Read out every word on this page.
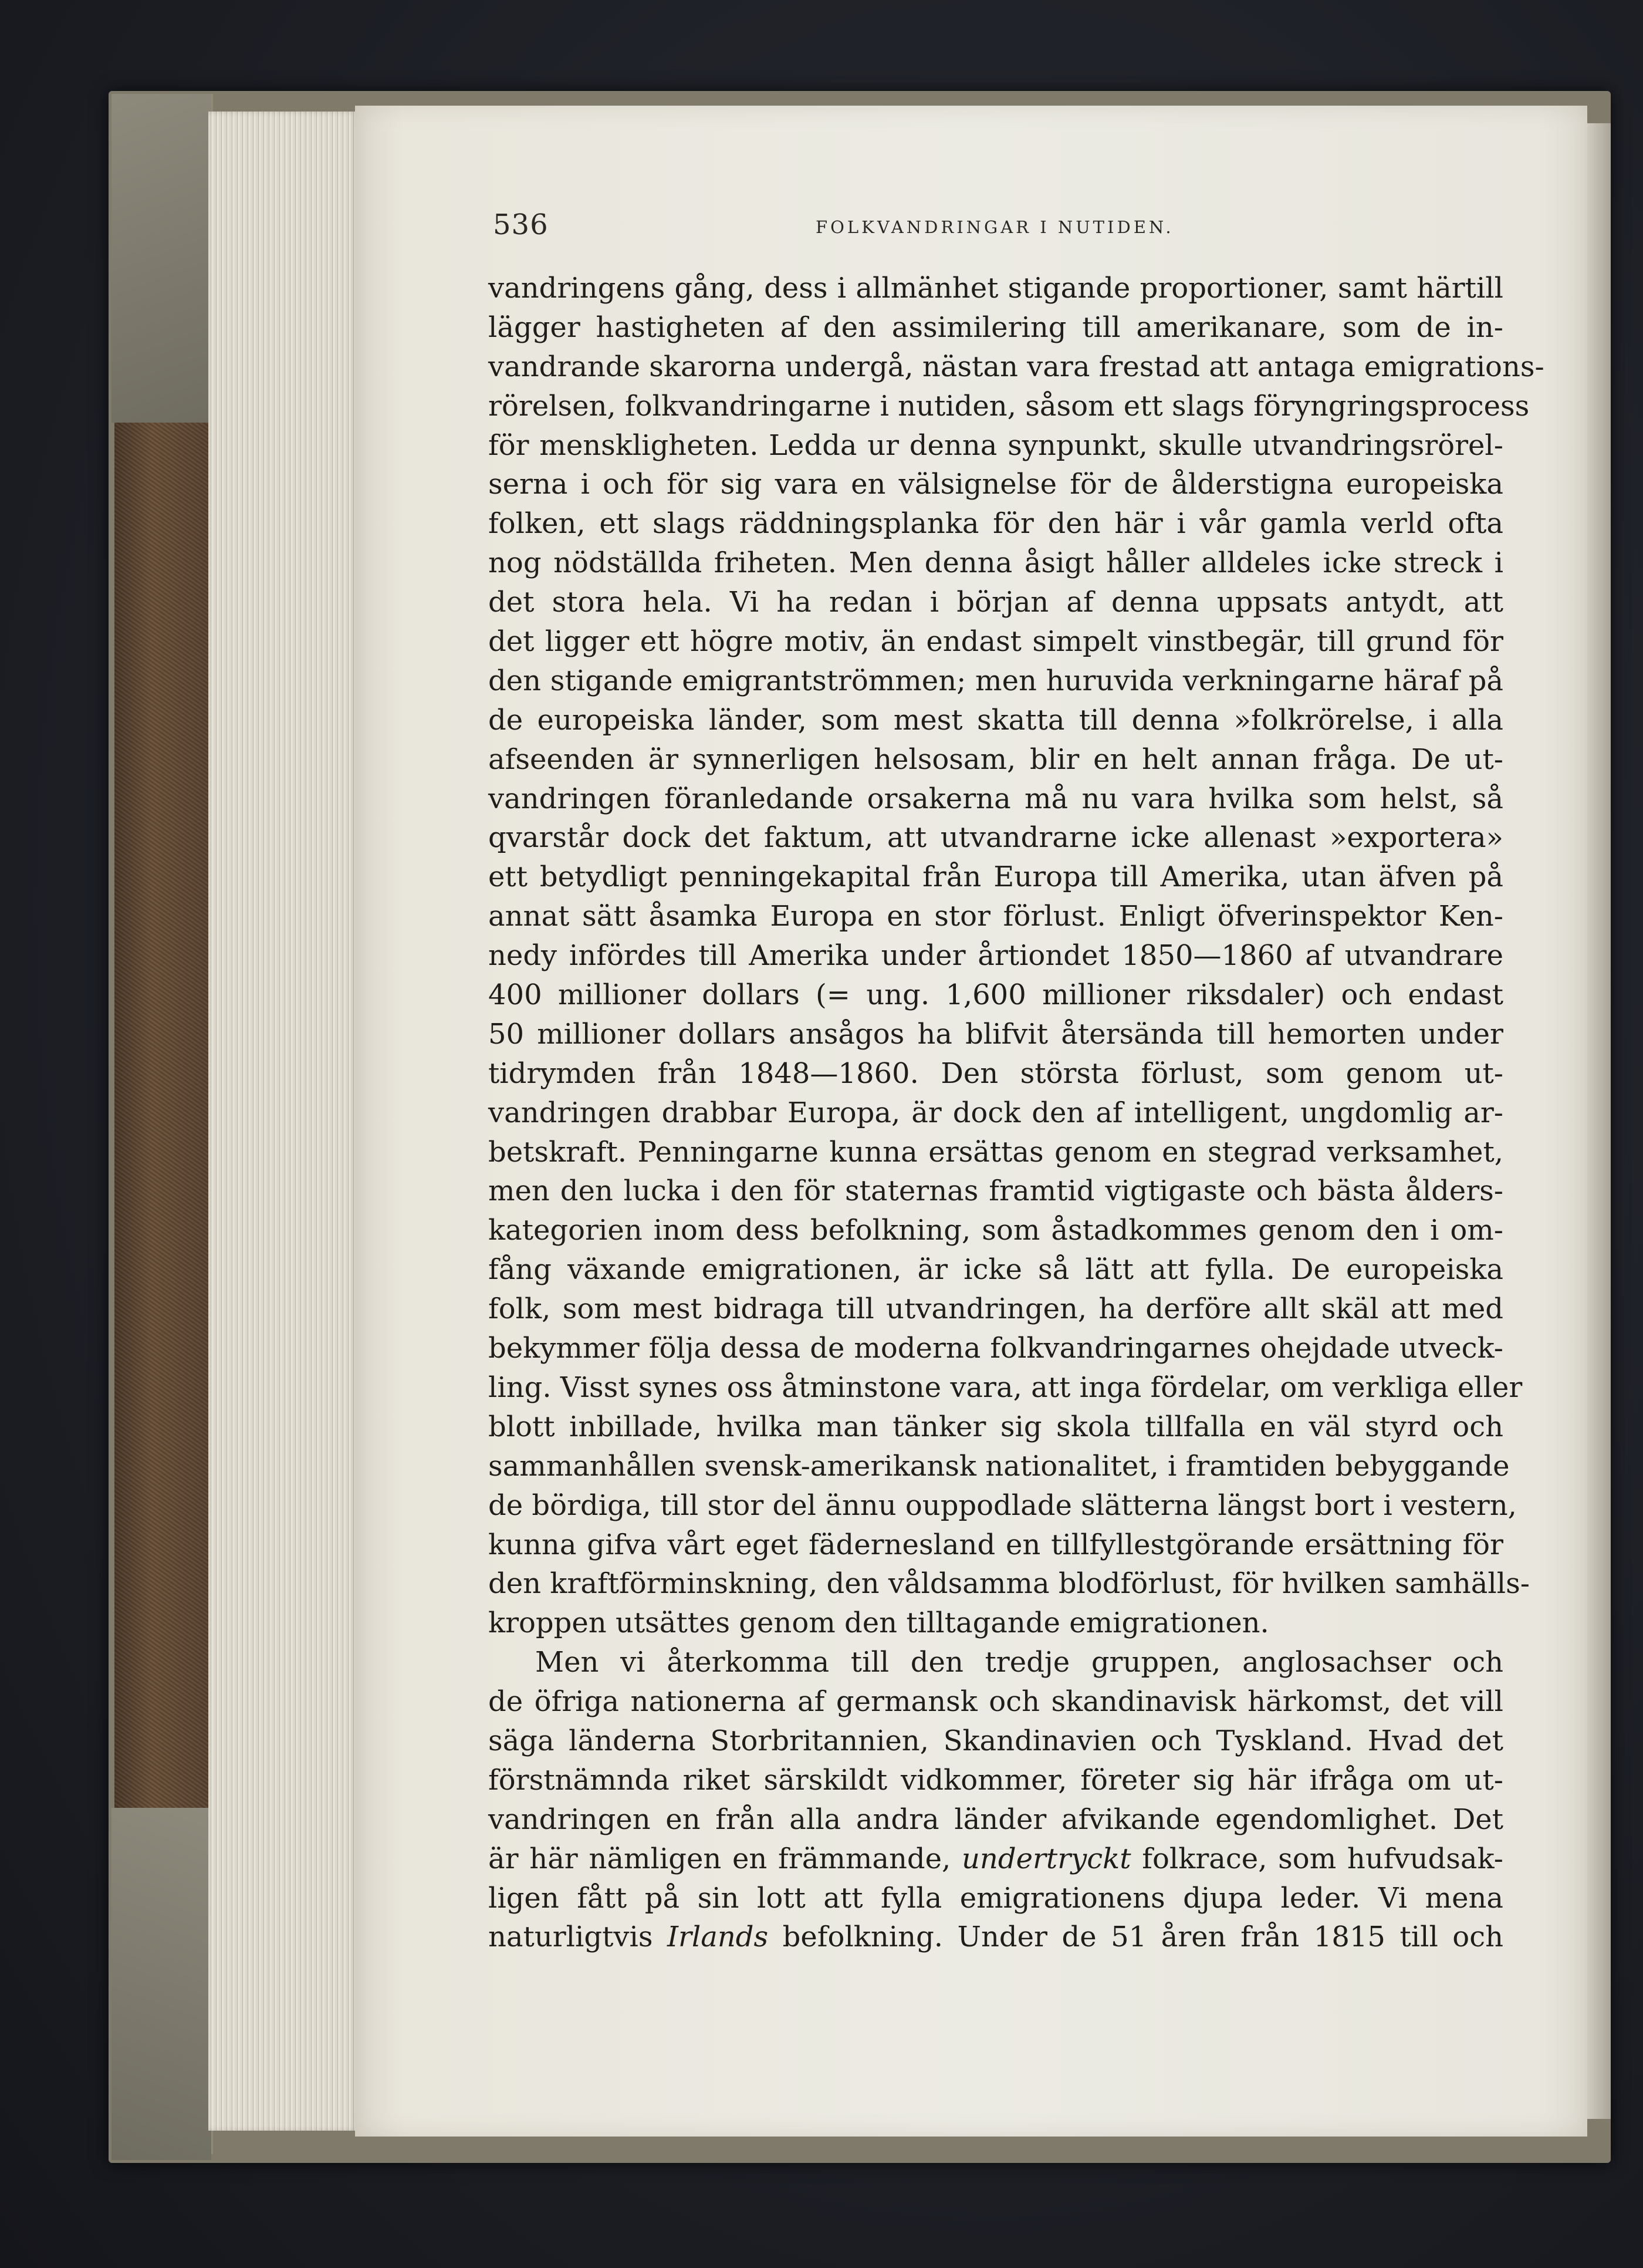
536	FOLKVANDRINGAR I NUTIDEN.
vandringens gång, dess i allmänhet stigande proportioner, samt härtill
lägger hastigheten af den assimilering till amerikanare, som de in-
vandrande skarorna undergå, nästan vara frestad att antaga emigrations-
rörelsen, folkvandringarne i nutiden, såsom ett slags föryngringsprocess
för menskligheten. Ledda ur denna synpunkt, skulle utvandringsrörel-
serna i och för sig vara en välsignelse för de ålderstigna europeiska
folken, ett slags räddningsplanka för den här i vår gamla verld ofta
nog nödställda friheten. Men denna åsigt håller alldeles icke streck i
det stora hela. Vi ha redan i början af denna uppsats antydt, att
det ligger ett högre motiv, än endast simpelt vinstbegär, till grund för
den stigande emigrantströmmen; men huruvida verkningarne häraf på
de europeiska länder, som mest skatta till denna »folkrörelse, i alla
afseenden är synnerligen helsosam, blir en helt annan fråga. De ut-
vandringen föranledande orsakerna må nu vara hvilka som helst, så
qvarstår dock det faktum, att utvandrarne icke allenast »exportera»
ett betydligt penningekapital från Europa till Amerika, utan äfven på
annat sätt åsamka Europa en stor förlust. Enligt öfverinspektor Ken-
nedy infördes till Amerika under årtiondet 1850—1860 af utvandrare
400 millioner dollars (= ung. 1,600 millioner riksdaler) och endast
50 millioner dollars ansågos ha blifvit återsända till hemorten under
tidrymden från 1848—1860. Den största förlust, som genom ut-
vandringen drabbar Europa, är dock den af intelligent, ungdomlig ar-
betskraft. Penningarne kunna ersättas genom en stegrad verksamhet,
men den lucka i den för staternas framtid vigtigaste och bästa ålders-
kategorien inom dess befolkning, som åstadkommes genom den i om-
fång växande emigrationen, är icke så lätt att fylla. De europeiska
folk, som mest bidraga till utvandringen, ha derföre allt skäl att med
bekymmer följa dessa de moderna folkvandringarnes ohejdade utveck-
ling. Visst synes oss åtminstone vara, att inga fördelar, om verkliga eller
blott inbillade, hvilka man tänker sig skola tillfalla en väl styrd och
sammanhållen svensk-amerikansk nationalitet, i framtiden bebyggande
de bördiga, till stor del ännu ouppodlade slätterna längst bort i vestern,
kunna gifva vårt eget fädernesland en tillfyllestgörande ersättning för
den kraftförminskning, den våldsamma blodförlust, för hvilken samhälls-
kroppen utsättes genom den tilltagande emigrationen.
Men vi återkomma till den tredje gruppen, anglosachser och
de öfriga nationerna af germansk och skandinavisk härkomst, det vill
säga länderna Storbritannien, Skandinavien och Tyskland. Hvad det
förstnämnda riket särskildt vidkommer, företer sig här ifråga om ut-
vandringen en från alla andra länder afvikande egendomlighet. Det
är här nämligen en främmande, undertryckt folkrace, som hufvudsak-
ligen fått på sin lott att fylla emigrationens djupa leder. Vi mena
naturligtvis Irlands befolkning. Under de 51 åren från 1815 till och
